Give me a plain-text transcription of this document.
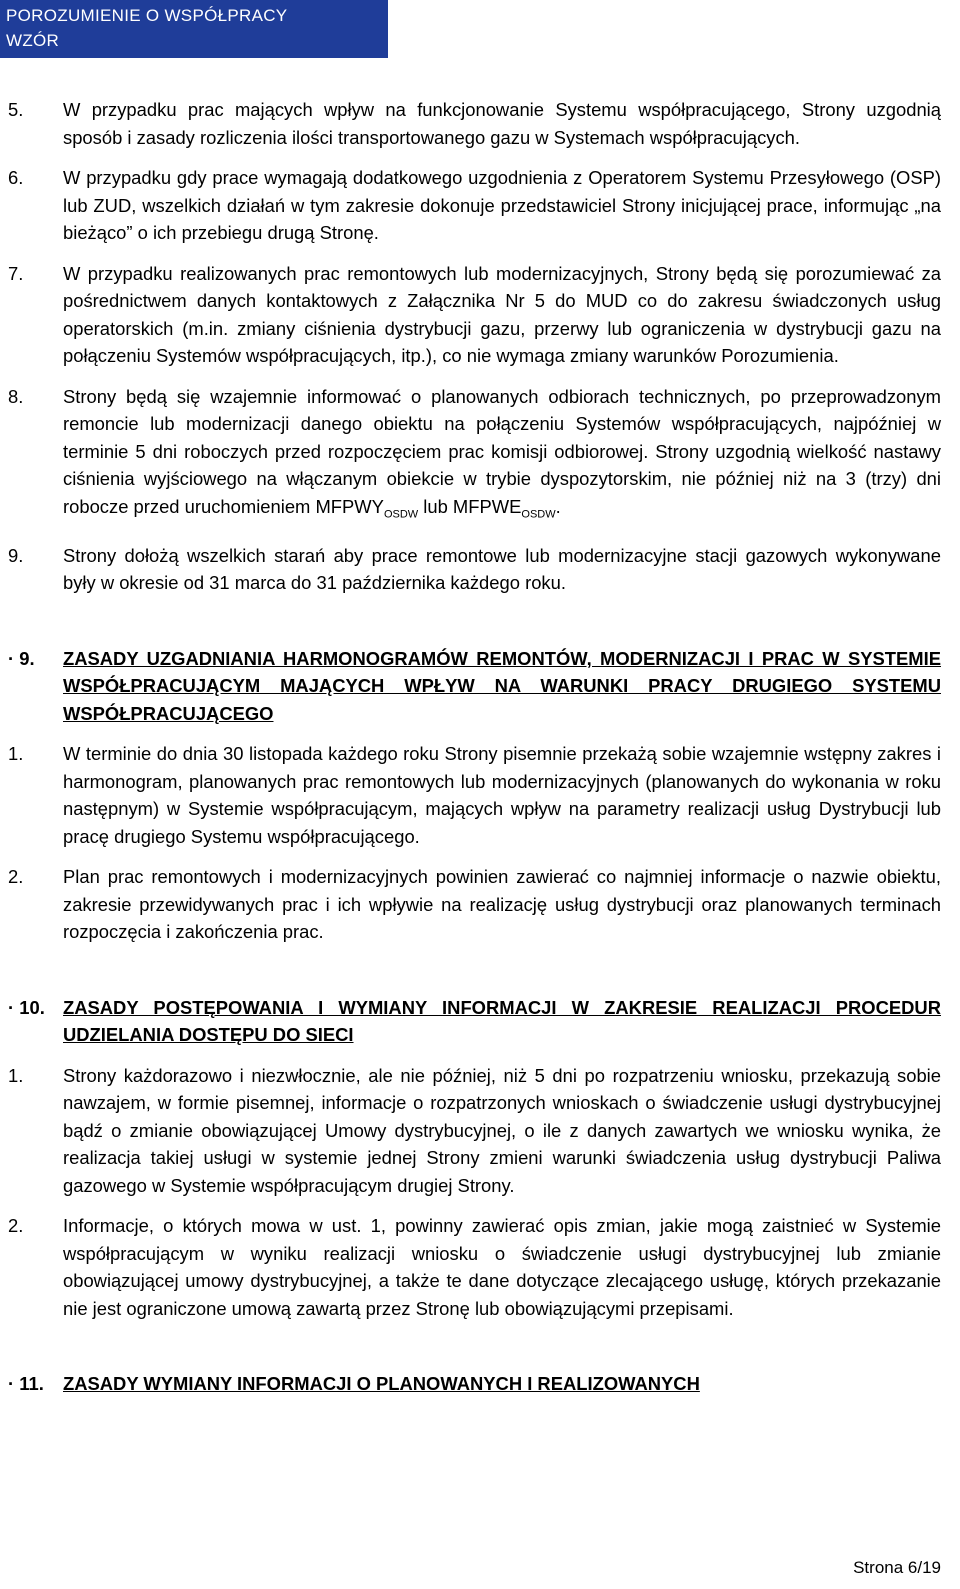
POROZUMIENIE O WSPÓŁPRACY
WZÓR
5.	W przypadku prac mających wpływ na funkcjonowanie Systemu współpracującego, Strony uzgodnią sposób i zasady rozliczenia ilości transportowanego gazu w Systemach współpracujących.
6.	W przypadku gdy prace wymagają dodatkowego uzgodnienia z Operatorem Systemu Przesyłowego (OSP) lub ZUD, wszelkich działań w tym zakresie dokonuje przedstawiciel Strony inicjującej prace, informując „na bieżąco” o ich przebiegu drugą Stronę.
7.	W przypadku realizowanych prac remontowych lub modernizacyjnych, Strony będą się porozumiewać za pośrednictwem danych kontaktowych z Załącznika Nr 5 do MUD co do zakresu świadczonych usług operatorskich (m.in. zmiany ciśnienia dystrybucji gazu, przerwy lub ograniczenia w dystrybucji gazu na połączeniu Systemów współpracujących, itp.), co nie wymaga zmiany warunków Porozumienia.
8.	Strony będą się wzajemnie informować o planowanych odbiorach technicznych, po przeprowadzonym remoncie lub modernizacji danego obiektu na połączeniu Systemów współpracujących, najpóźniej w terminie 5 dni roboczych przed rozpoczęciem prac komisji odbiorowej. Strony uzgodnią wielkość nastawy ciśnienia wyjściowego na włączanym obiekcie w trybie dyspozytorskim, nie później niż na 3 (trzy) dni robocze przed uruchomieniem $MFPWY_{OSDW}$ lub $MFPWE_{OSDW}$.
9.	Strony dołożą wszelkich starań aby prace remontowe lub modernizacyjne stacji gazowych wykonywane były w okresie od 31 marca do 31 października każdego roku.
· 9.	ZASADY UZGADNIANIA HARMONOGRAMÓW REMONTÓW, MODERNIZACJI I PRAC W SYSTEMIE WSPÓŁPRACUJĄCYM MAJĄCYCH WPŁYW NA WARUNKI PRACY DRUGIEGO SYSTEMU WSPÓŁPRACUJĄCEGO
1.	W terminie do dnia 30 listopada każdego roku Strony pisemnie przekażą sobie wzajemnie wstępny zakres i harmonogram, planowanych prac remontowych lub modernizacyjnych (planowanych do wykonania w roku następnym) w Systemie współpracującym, mających wpływ na parametry realizacji usług Dystrybucji lub pracę drugiego Systemu współpracującego.
2.	Plan prac remontowych i modernizacyjnych powinien zawierać co najmniej informacje o nazwie obiektu, zakresie przewidywanych prac i ich wpływie na realizację usług dystrybucji oraz planowanych terminach rozpoczęcia i zakończenia prac.
· 10. ZASADY POSTĘPOWANIA I WYMIANY INFORMACJI W ZAKRESIE REALIZACJI PROCEDUR UDZIELANIA DOSTĘPU DO SIECI
1.	Strony każdorazowo i niezwłocznie, ale nie później, niż 5 dni po rozpatrzeniu wniosku, przekazują sobie nawzajem, w formie pisemnej, informacje o rozpatrzonych wnioskach o świadczenie usługi dystrybucyjnej bądź o zmianie obowiązującej Umowy dystrybucyjnej, o ile z danych zawartych we wniosku wynika, że realizacja takiej usługi w systemie jednej Strony zmieni warunki świadczenia usług dystrybucji Paliwa gazowego w Systemie współpracującym drugiej Strony.
2.	Informacje, o których mowa w ust. 1, powinny zawierać opis zmian, jakie mogą zaistnieć w Systemie współpracującym w wyniku realizacji wniosku o świadczenie usługi dystrybucyjnej lub zmianie obowiązującej umowy dystrybucyjnej, a także te dane dotyczące zlecającego usługę, których przekazanie nie jest ograniczone umową zawartą przez Stronę lub obowiązującymi przepisami.
· 11.	ZASADY WYMIANY INFORMACJI O PLANOWANYCH I REALIZOWANYCH
Strona 6/19
